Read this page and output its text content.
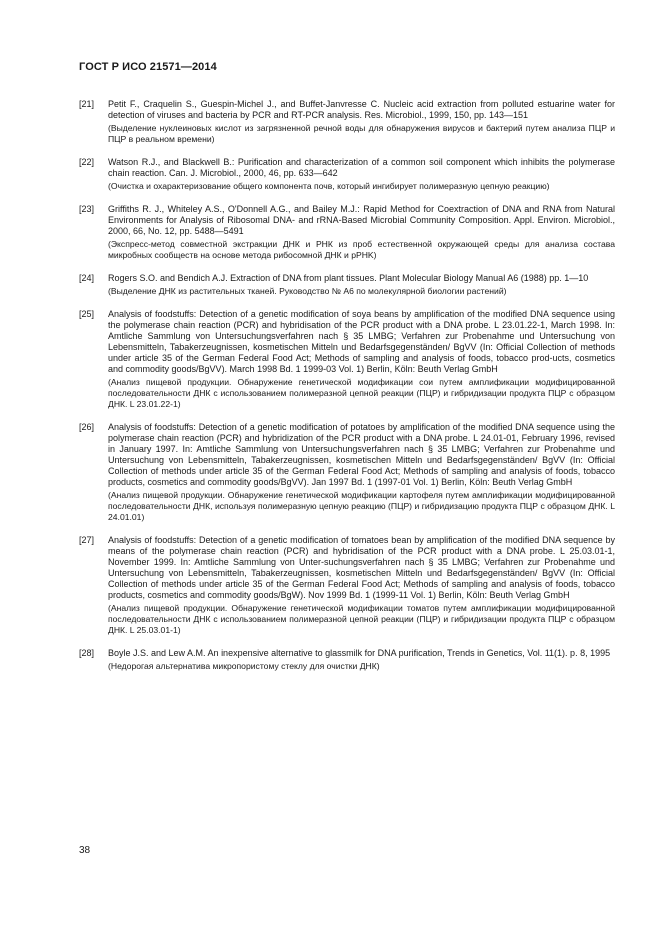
ГОСТ Р ИСО 21571—2014
[21]	Petit F., Craquelin S., Guespin-Michel J., and Buffet-Janvresse C. Nucleic acid extraction from polluted estuarine water for detection of viruses and bacteria by PCR and RT-PCR analysis. Res. Microbiol., 1999, 150, pp. 143—151

(Выделение нуклеиновых кислот из загрязненной речной воды для обнаружения вирусов и бактерий путем анализа ПЦР и ПЦР в реальном времени)

[22]	Watson R.J., and Blackwell B.: Purification and characterization of a common soil component which inhibits the polymerase chain reaction. Can. J. Microbiol., 2000, 46, pp. 633—642

(Очистка и охарактеризование общего компонента почв, который ингибирует полимеразную цепную реакцию)

[23]	Griffiths R. J., Whiteley A.S., O'Donnell A.G., and Bailey M.J.: Rapid Method for Coextraction of DNA and RNA from Natural Environments for Analysis of Ribosomal DNA- and rRNA-Based Microbial Community Composition. Appl. Environ. Microbiol., 2000, 66, No. 12, pp. 5488—5491

(Экспресс-метод совместной экстракции ДНК и РНК из проб естественной окружающей среды для анализа состава микробных сообществ на основе метода рибосомной ДНК и pPHK)

[24]	Rogers S.O. and Bendich A.J. Extraction of DNA from plant tissues. Plant Molecular Biology Manual A6 (1988) pp. 1—10

(Выделение ДНК из растительных тканей. Руководство № А6 по молекулярной биологии растений)

[25]	Analysis of foodstuffs: Detection of a genetic modification of soya beans by amplification of the modified DNA sequence using the polymerase chain reaction (PCR) and hybridisation of the PCR product with a DNA probe. L 23.01.22-1, March 1998. In: Amtliche Sammlung von Untersuchungsverfahren nach § 35 LMBG; Verfahren zur Probenahme und Untersuchung von Lebensmitteln, Tabakerzeugnissen, kosmetischen Mitteln und Bedarfsgegenständen/ BgVV (In: Official Collection of methods under article 35 of the German Federal Food Act; Methods of sampling and analysis of foods, tobacco prod-ucts, cosmetics and commodity goods/BgVV). March 1998 Bd. 1 1999-03 Vol. 1) Berlin, Köln: Beuth Verlag GmbH

(Анализ пищевой продукции. Обнаружение генетической модификации сои путем амплификации модифицированной последовательности ДНК с использованием полимеразной цепной реакции (ПЦР) и гибридизации продукта ПЦР с образцом ДНК. L 23.01.22-1)

[26]	Analysis of foodstuffs: Detection of a genetic modification of potatoes by amplification of the modified DNA sequence using the polymerase chain reaction (PCR) and hybridization of the PCR product with a DNA probe. L 24.01-01, February 1996, revised in January 1997. In: Amtliche Sammlung von Untersuchungsverfahren nach § 35 LMBG; Verfahren zur Probenahme und Untersuchung von Lebensmitteln, Tabakerzeugnissen, kosmetischen Mitteln und Bedarfsgegenständen/ BgVV (In: Official Collection of methods under article 35 of the German Federal Food Act; Methods of sampling and analysis of foods, tobacco products, cosmetics and commodity goods/BgVV). Jan 1997 Bd. 1 (1997-01 Vol. 1) Berlin, Köln: Beuth Verlag GmbH

(Анализ пищевой продукции. Обнаружение генетической модификации картофеля путем амплификации модифицированной последовательности ДНК, используя полимеразную цепную реакцию (ПЦР) и гибридизацию продукта ПЦР с образцом ДНК. L 24.01.01)

[27]	Analysis of foodstuffs: Detection of a genetic modification of tomatoes bean by amplification of the modified DNA sequence by means of the polymerase chain reaction (PCR) and hybridisation of the PCR product with a DNA probe. L 25.03.01-1, November 1999. In: Amtliche Sammlung von Unter-suchungsverfahren nach § 35 LMBG; Verfahren zur Probenahme und Untersuchung von Lebensmitteln, Tabakerzeugnissen, kosmetischen Mitteln und Bedarfsgegenständen/ BgVV (In: Official Collection of methods under article 35 of the German Federal Food Act; Methods of sampling and analysis of foods, tobacco products, cosmetics and commodity goods/BgW). Nov 1999 Bd. 1 (1999-11 Vol. 1) Berlin, Köln: Beuth Verlag GmbH

(Анализ пищевой продукции. Обнаружение генетической модификации томатов путем амплификации модифицированной последовательности ДНК с использованием полимеразной цепной реакции (ПЦР) и гибридизации продукта ПЦР с образцом ДНК. L 25.03.01-1)

[28]	Boyle J.S. and Lew A.M. An inexpensive alternative to glassmilk for DNA purification, Trends in Genetics, Vol. 11(1). p. 8, 1995

(Недорогая альтернатива микропористому стеклу для очистки ДНК)

38
